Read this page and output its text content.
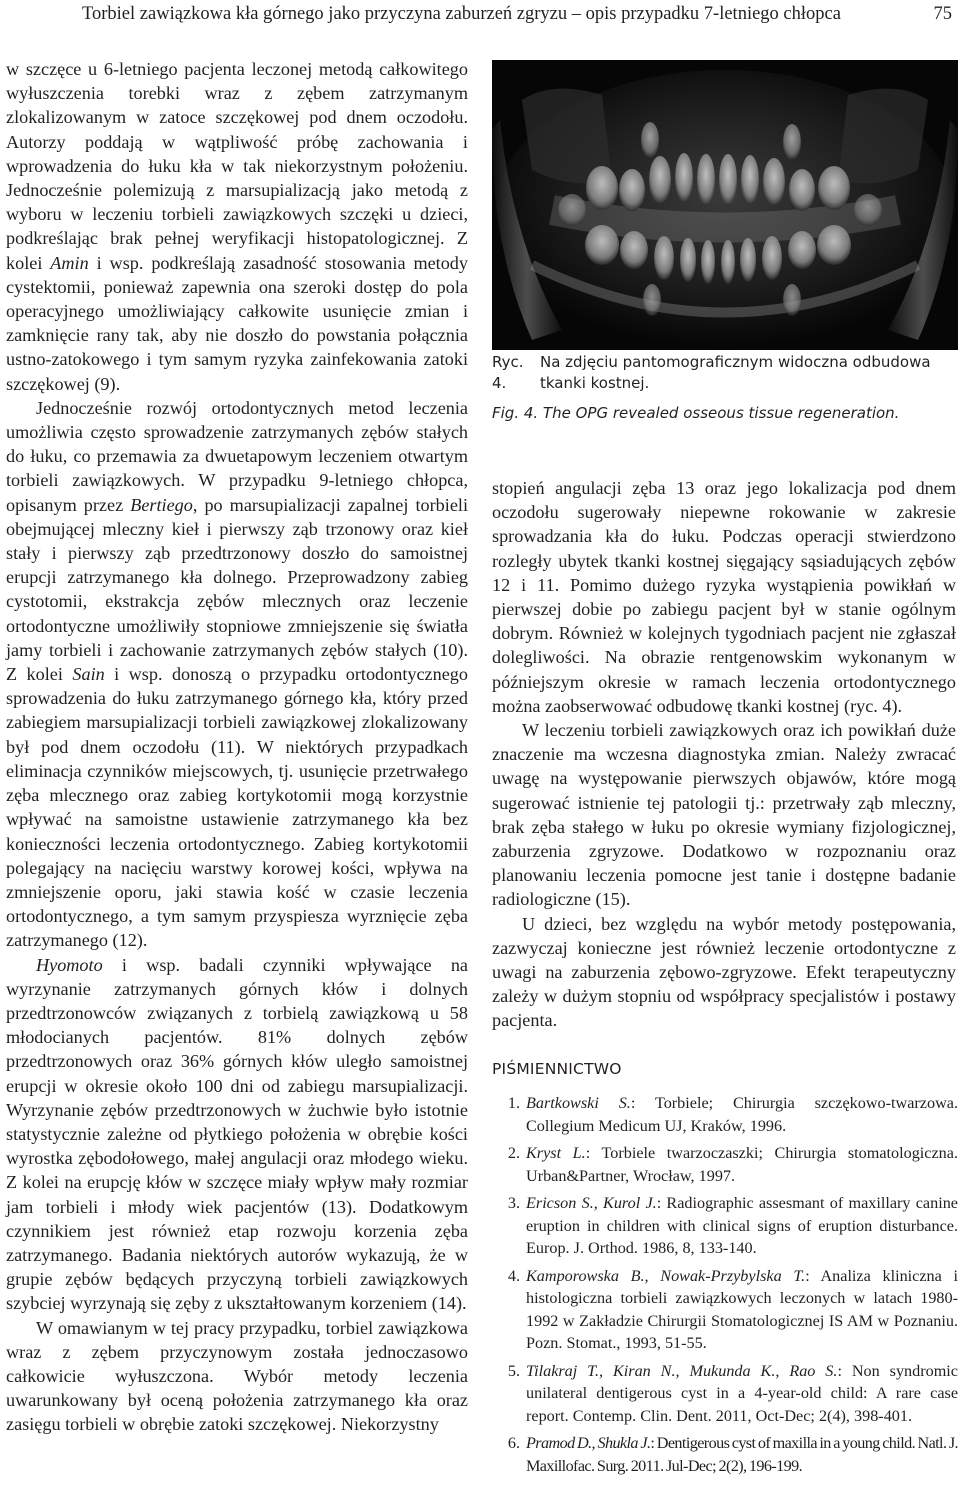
Torbiel zawiązkowa kła górnego jako przyczyna zaburzeń zgryzu – opis przypadku 7-letniego chłopca	75

w szczęce u 6-letniego pacjenta leczonej metodą całkowitego wyłuszczenia torebki wraz z zębem zatrzymanym zlokalizowanym w zatoce szczękowej pod dnem oczodołu. Autorzy poddają w wątpliwość próbę zachowania i wprowadzenia do łuku kła w tak niekorzystnym położeniu. Jednocześnie polemizują z marsupializacją jako metodą z wyboru w leczeniu torbieli zawiązkowych szczęki u dzieci, podkreślając brak pełnej weryfikacji histopatologicznej. Z kolei Amin i wsp. podkreślają zasadność stosowania metody cystektomii, ponieważ zapewnia ona szeroki dostęp do pola operacyjnego umożliwiający całkowite usunięcie zmian i zamknięcie rany tak, aby nie doszło do powstania połącznia ustno-zatokowego i tym samym ryzyka zainfekowania zatoki szczękowej (9).

Jednocześnie rozwój ortodontycznych metod leczenia umożliwia często sprowadzenie zatrzymanych zębów stałych do łuku, co przemawia za dwuetapowym leczeniem otwartym torbieli zawiązkowych. W przypadku 9-letniego chłopca, opisanym przez Bertiego, po marsupializacji zapalnej torbieli obejmującej mleczny kieł i pierwszy ząb trzonowy oraz kieł stały i pierwszy ząb przedtrzonowy doszło do samoistnej erupcji zatrzymanego kła dolnego. Przeprowadzony zabieg cystotomii, ekstrakcja zębów mlecznych oraz leczenie ortodontyczne umożliwiły stopniowe zmniejszenie się światła jamy torbieli i zachowanie zatrzymanych zębów stałych (10). Z kolei Sain i wsp. donoszą o przypadku ortodontycznego sprowadzenia do łuku zatrzymanego górnego kła, który przed zabiegiem marsupializacji torbieli zawiązkowej zlokalizowany był pod dnem oczodołu (11). W niektórych przypadkach eliminacja czynników miejscowych, tj. usunięcie przetrwałego zęba mlecznego oraz zabieg kortykotomii mogą korzystnie wpływać na samoistne ustawienie zatrzymanego kła bez konieczności leczenia ortodontycznego. Zabieg kortykotomii polegający na nacięciu warstwy korowej kości, wpływa na zmniejszenie oporu, jaki stawia kość w czasie leczenia ortodontycznego, a tym samym przyspiesza wyrznięcie zęba zatrzymanego (12).

Hyomoto i wsp. badali czynniki wpływające na wyrzynanie zatrzymanych górnych kłów i dolnych przedtrzonowców związanych z torbielą zawiązkową u 58 młodocianych pacjentów. 81% dolnych zębów przedtrzonowych oraz 36% górnych kłów uległo samoistnej erupcji w okresie około 100 dni od zabiegu marsupializacji. Wyrzynanie zębów przedtrzonowych w żuchwie było istotnie statystycznie zależne od płytkiego położenia w obrębie kości wyrostka zębodołowego, małej angulacji oraz młodego wieku. Z kolei na erupcję kłów w szczęce miały wpływ mały rozmiar jam torbieli i młody wiek pacjentów (13). Dodatkowym czynnikiem jest również etap rozwoju korzenia zęba zatrzymanego. Badania niektórych autorów wykazują, że w grupie zębów będących przyczyną torbieli zawiązkowych szybciej wyrzynają się zęby z ukształtowanym korzeniem (14).

W omawianym w tej pracy przypadku, torbiel zawiązkowa wraz z zębem przyczynowym została jednoczasowo całkowicie wyłuszczona. Wybór metody leczenia uwarunkowany był oceną położenia zatrzymanego kła oraz zasięgu torbieli w obrębie zatoki szczękowej. Niekorzystny

Ryc. 4.
Na zdjęciu pantomograficznym widoczna odbudowa tkanki kostnej.
Fig. 4. The OPG revealed osseous tissue regeneration.

stopień angulacji zęba 13 oraz jego lokalizacja pod dnem oczodołu sugerowały niepewne rokowanie w zakresie sprowadzania kła do łuku. Podczas operacji stwierdzono rozległy ubytek tkanki kostnej sięgający sąsiadujących zębów 12 i 11. Pomimo dużego ryzyka wystąpienia powikłań w pierwszej dobie po zabiegu pacjent był w stanie ogólnym dobrym. Również w kolejnych tygodniach pacjent nie zgłaszał dolegliwości. Na obrazie rentgenowskim wykonanym w późniejszym okresie w ramach leczenia ortodontycznego można zaobserwować odbudowę tkanki kostnej (ryc. 4).

W leczeniu torbieli zawiązkowych oraz ich powikłań duże znaczenie ma wczesna diagnostyka zmian. Należy zwracać uwagę na występowanie pierwszych objawów, które mogą sugerować istnienie tej patologii tj.: przetrwały ząb mleczny, brak zęba stałego w łuku po okresie wymiany fizjologicznej, zaburzenia zgryzowe. Dodatkowo w rozpoznaniu oraz planowaniu leczenia pomocne jest tanie i dostępne badanie radiologiczne (15).

U dzieci, bez względu na wybór metody postępowania, zazwyczaj konieczne jest również leczenie ortodontyczne z uwagi na zaburzenia zębowo-zgryzowe. Efekt terapeutyczny zależy w dużym stopniu od współpracy specjalistów i postawy pacjenta.

PIŚMIENNICTWO
1. Bartkowski S.: Torbiele; Chirurgia szczękowo-twarzowa. Collegium Medicum UJ, Kraków, 1996.
2. Kryst L.: Torbiele twarzoczaszki; Chirurgia stomatologiczna. Urban&Partner, Wrocław, 1997.
3. Ericson S., Kurol J.: Radiographic assesmant of maxillary canine eruption in children with clinical signs of eruption disturbance. Europ. J. Orthod. 1986, 8, 133-140.
4. Kamporowska B., Nowak-Przybylska T.: Analiza kliniczna i histologiczna torbieli zawiązkowych leczonych w latach 1980-1992 w Zakładzie Chirurgii Stomatologicznej IS AM w Poznaniu. Pozn. Stomat., 1993, 51-55.
5. Tilakraj T., Kiran N., Mukunda K., Rao S.: Non syndromic unilateral dentigerous cyst in a 4-year-old child: A rare case report. Contemp. Clin. Dent. 2011, Oct-Dec; 2(4), 398-401.
6. Pramod D., Shukla J.: Dentigerous cyst of maxilla in a young child. Natl. J. Maxillofac. Surg. 2011. Jul-Dec; 2(2), 196-199.
